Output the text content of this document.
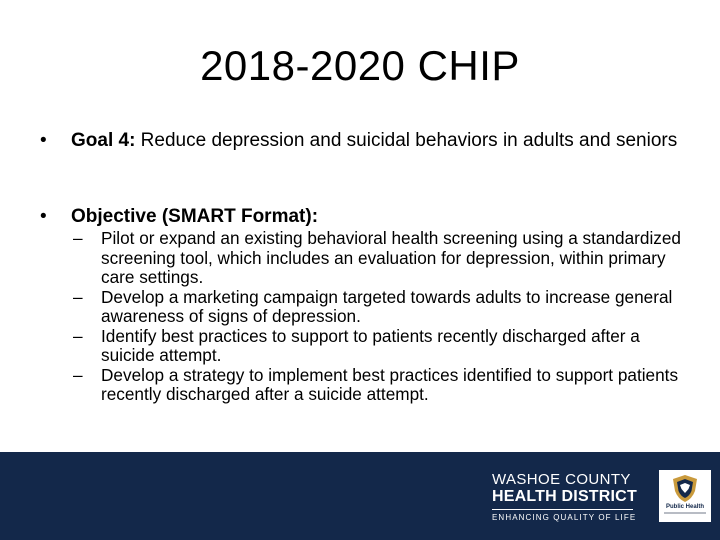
2018-2020 CHIP
•	Goal 4: Reduce depression and suicidal behaviors in adults and seniors
•	Objective (SMART Format):
– Pilot or expand an existing behavioral health screening using a standardized screening tool, which includes an evaluation for depression, within primary care settings.
– Develop a marketing campaign targeted towards adults to increase general awareness of signs of depression.
– Identify best practices to support to patients recently discharged after a suicide attempt.
– Develop a strategy to implement best practices identified to support patients recently discharged after a suicide attempt.
WASHOE COUNTY
HEALTH DISTRICT
ENHANCING QUALITY OF LIFE
Public Health
